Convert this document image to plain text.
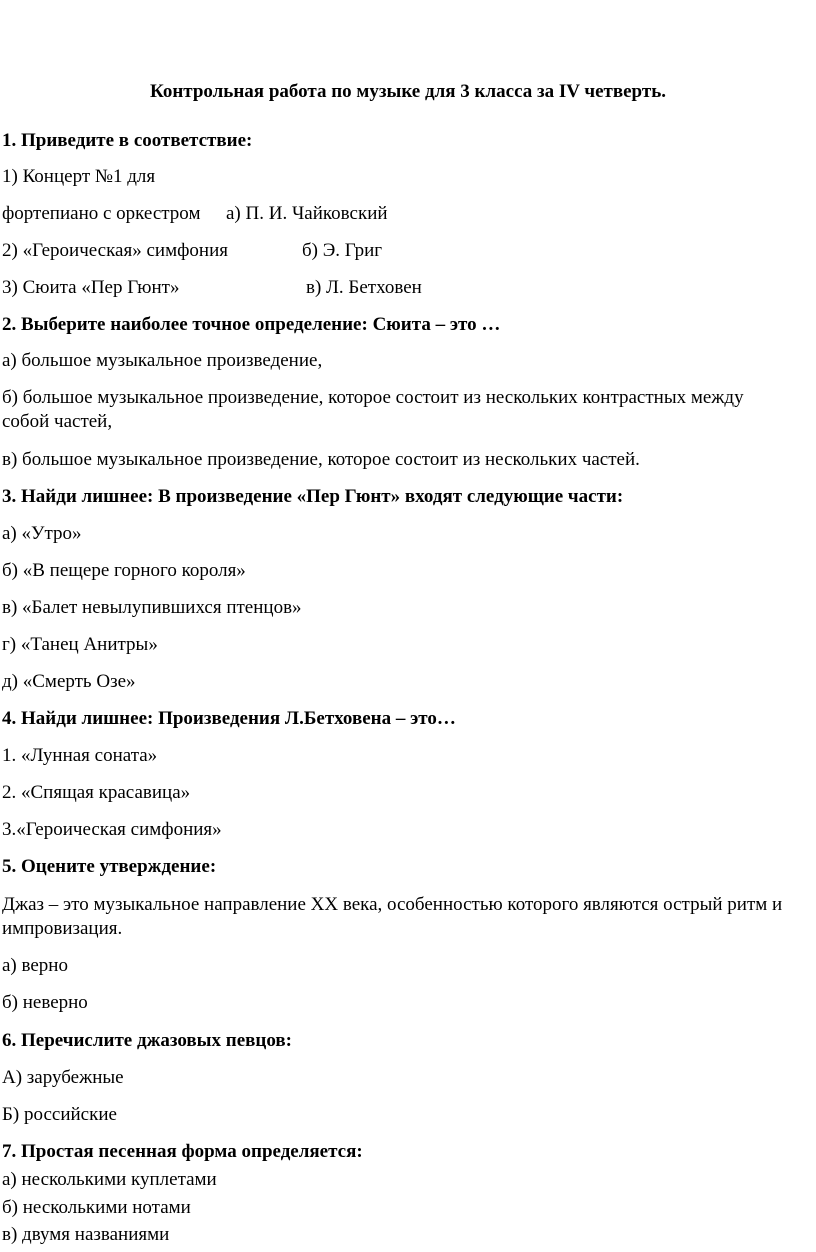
Контрольная работа по музыке для 3 класса за IV четверть.
1. Приведите в соответствие:
1) Концерт №1 для
фортепиано с оркестром а) П. И. Чайковский
2) «Героическая» симфония	б) Э. Григ
3) Сюита «Пер Гюнт»	в) Л. Бетховен
2. Выберите наиболее точное определение: Сюита – это …
а) большое музыкальное произведение,
б) большое музыкальное произведение, которое состоит из нескольких контрастных между собой частей,
в) большое музыкальное произведение, которое состоит из нескольких частей.
3. Найди лишнее: В произведение «Пер Гюнт» входят следующие части:
а) «Утро»
б) «В пещере горного короля»
в) «Балет невылупившихся птенцов»
г) «Танец Анитры»
д) «Смерть Озе»
4. Найди лишнее: Произведения Л.Бетховена – это…
1. «Лунная соната»
2. «Спящая красавица»
3.«Героическая симфония»
5. Оцените утверждение:
Джаз – это музыкальное направление XX века, особенностью которого являются острый ритм и импровизация.
а) верно
б) неверно
6. Перечислите джазовых певцов:
А) зарубежные
Б) российские
7. Простая песенная форма определяется:
а) несколькими куплетами
б) несколькими нотами
в) двумя названиями
